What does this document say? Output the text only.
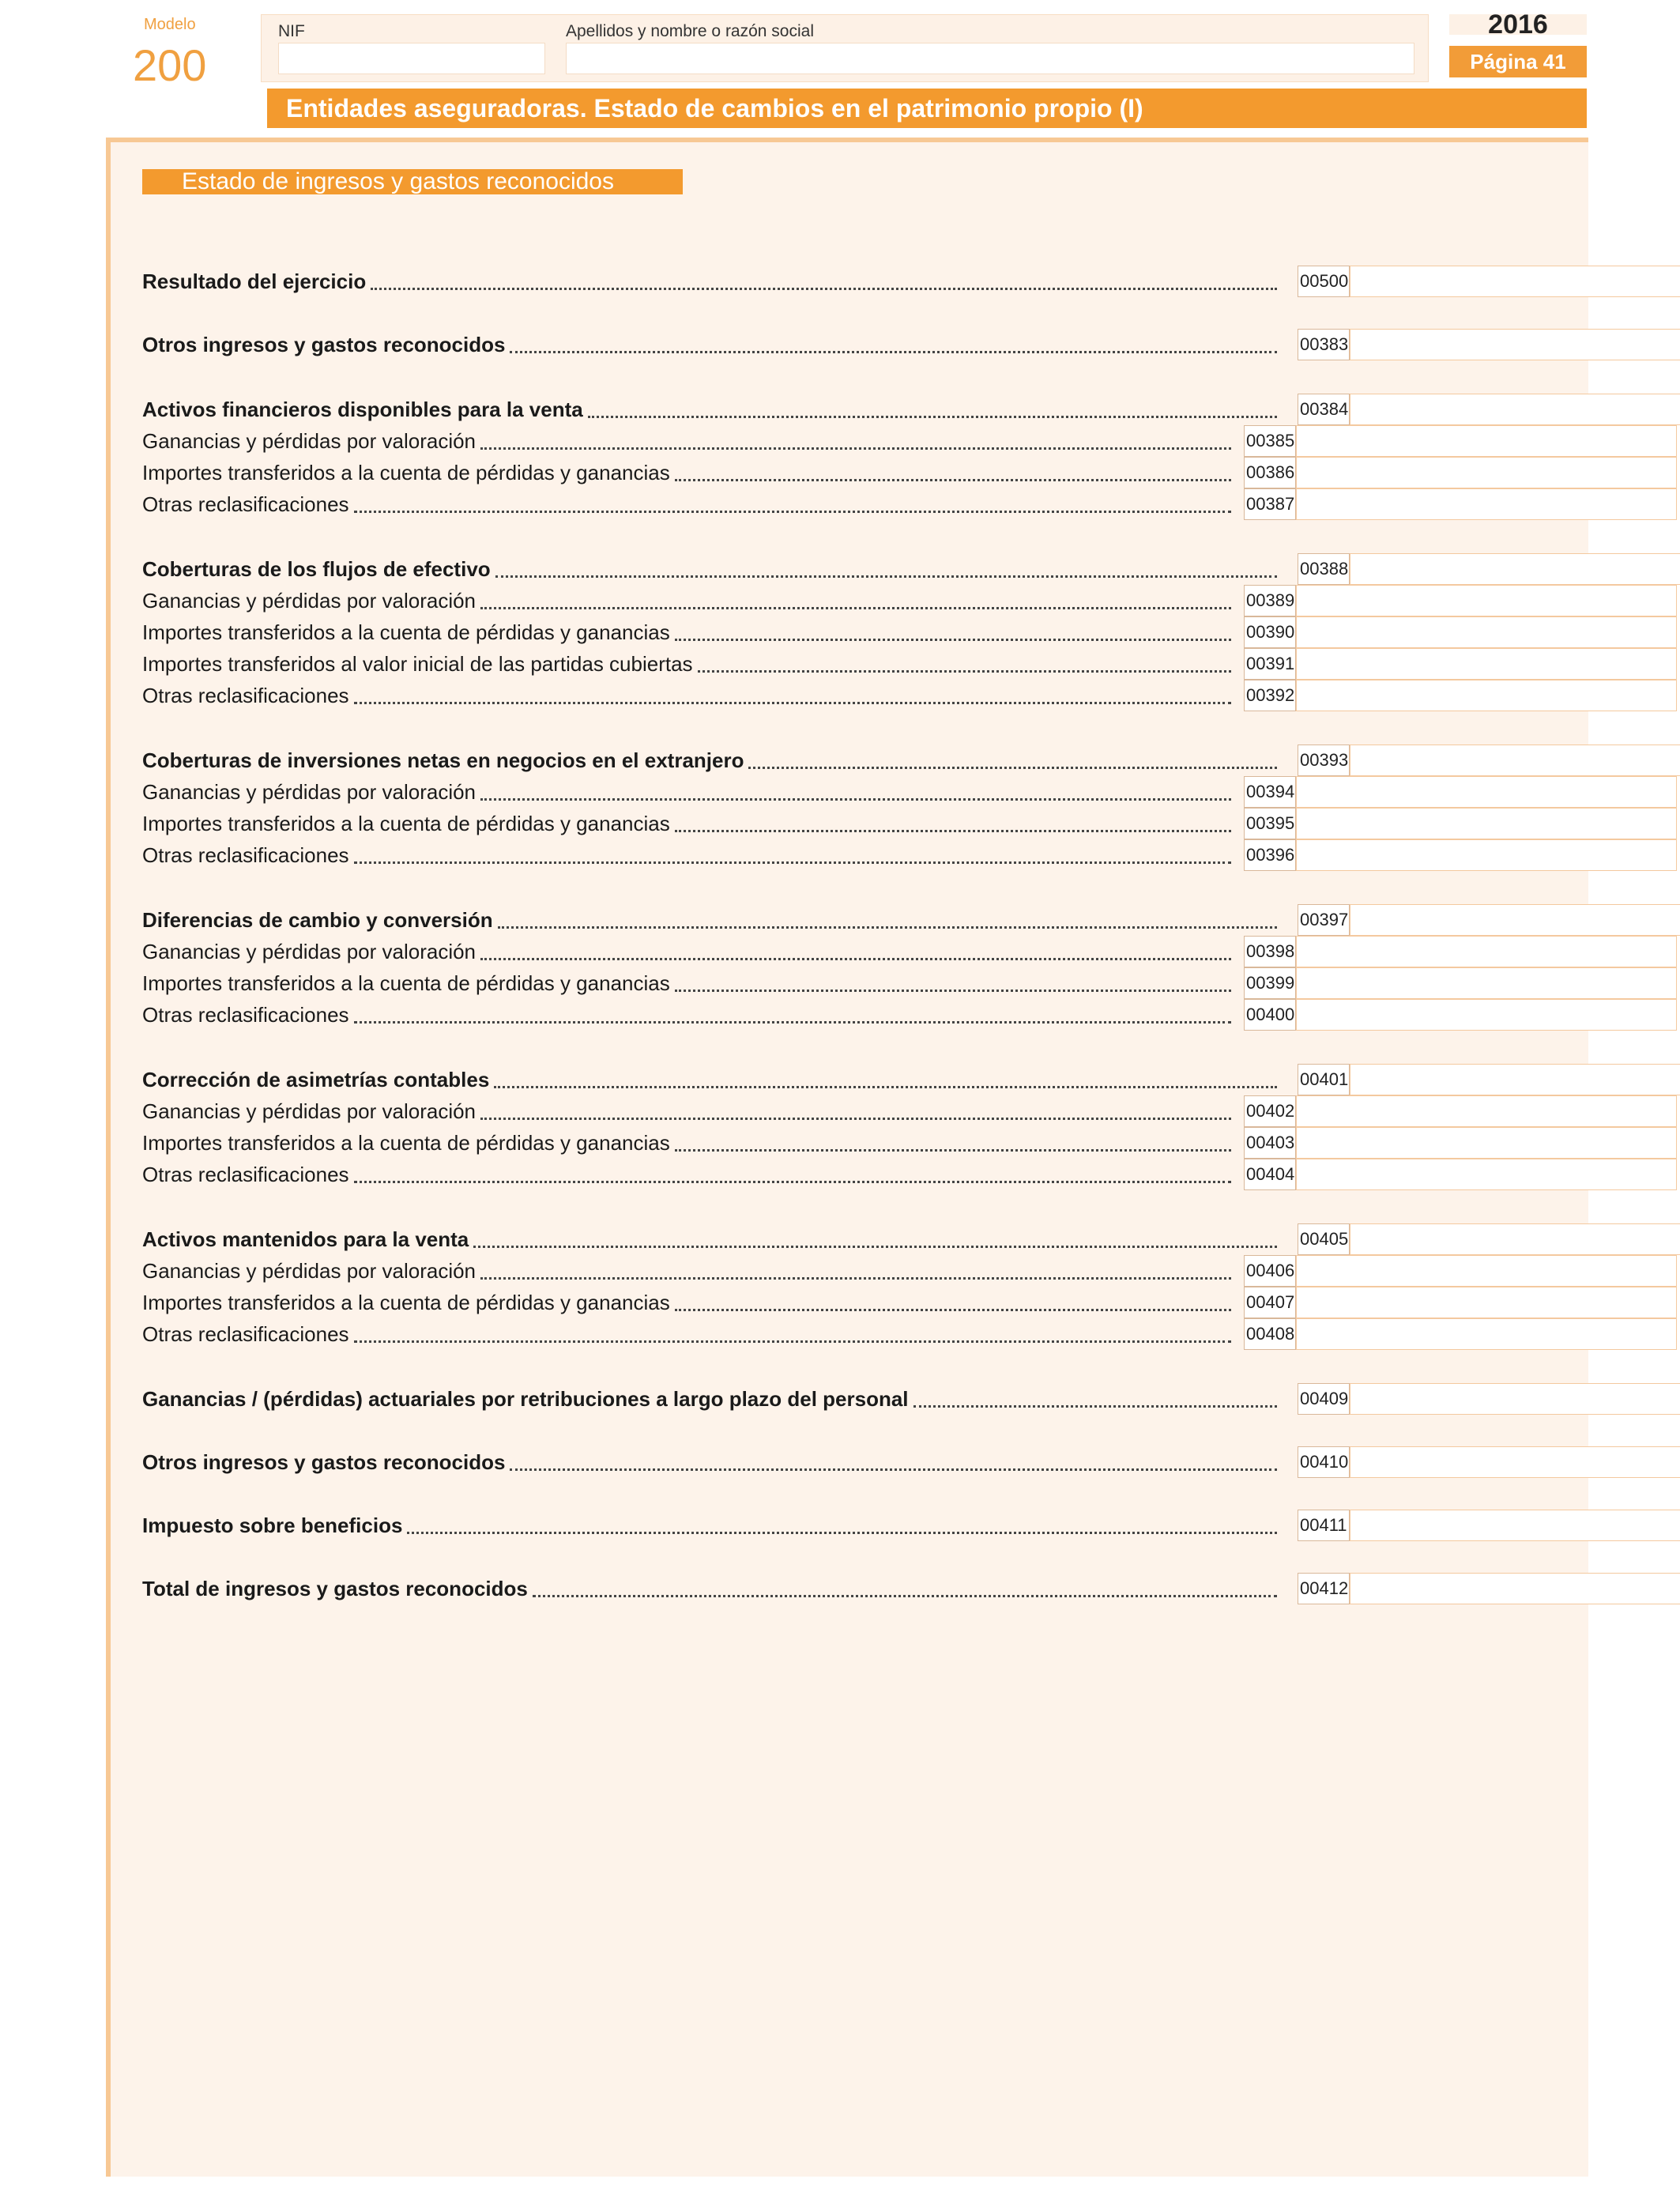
Modelo
200
NIF	Apellidos y nombre o razón social	2016
Página 41
Entidades aseguradoras. Estado de cambios en el patrimonio propio (I)
Estado de ingresos y gastos reconocidos
Resultado del ejercicio	00500
Otros ingresos y gastos reconocidos	00383
Activos financieros disponibles para la venta	00384
Ganancias y pérdidas por valoración	00385
Importes transferidos a la cuenta de pérdidas y ganancias	00386
Otras reclasificaciones	00387
Coberturas de los flujos de efectivo	00388
Ganancias y pérdidas por valoración	00389
Importes transferidos a la cuenta de pérdidas y ganancias	00390
Importes transferidos al valor inicial de las partidas cubiertas	00391
Otras reclasificaciones	00392
Coberturas de inversiones netas en negocios en el extranjero	00393
Ganancias y pérdidas por valoración	00394
Importes transferidos a la cuenta de pérdidas y ganancias	00395
Otras reclasificaciones	00396
Diferencias de cambio y conversión	00397
Ganancias y pérdidas por valoración	00398
Importes transferidos a la cuenta de pérdidas y ganancias	00399
Otras reclasificaciones	00400
Corrección de asimetrías contables	00401
Ganancias y pérdidas por valoración	00402
Importes transferidos a la cuenta de pérdidas y ganancias	00403
Otras reclasificaciones	00404
Activos mantenidos para la venta	00405
Ganancias y pérdidas por valoración	00406
Importes transferidos a la cuenta de pérdidas y ganancias	00407
Otras reclasificaciones	00408
Ganancias / (pérdidas) actuariales por retribuciones a largo plazo del personal	00409
Otros ingresos y gastos reconocidos	00410
Impuesto sobre beneficios	00411
Total de ingresos y gastos reconocidos	00412
